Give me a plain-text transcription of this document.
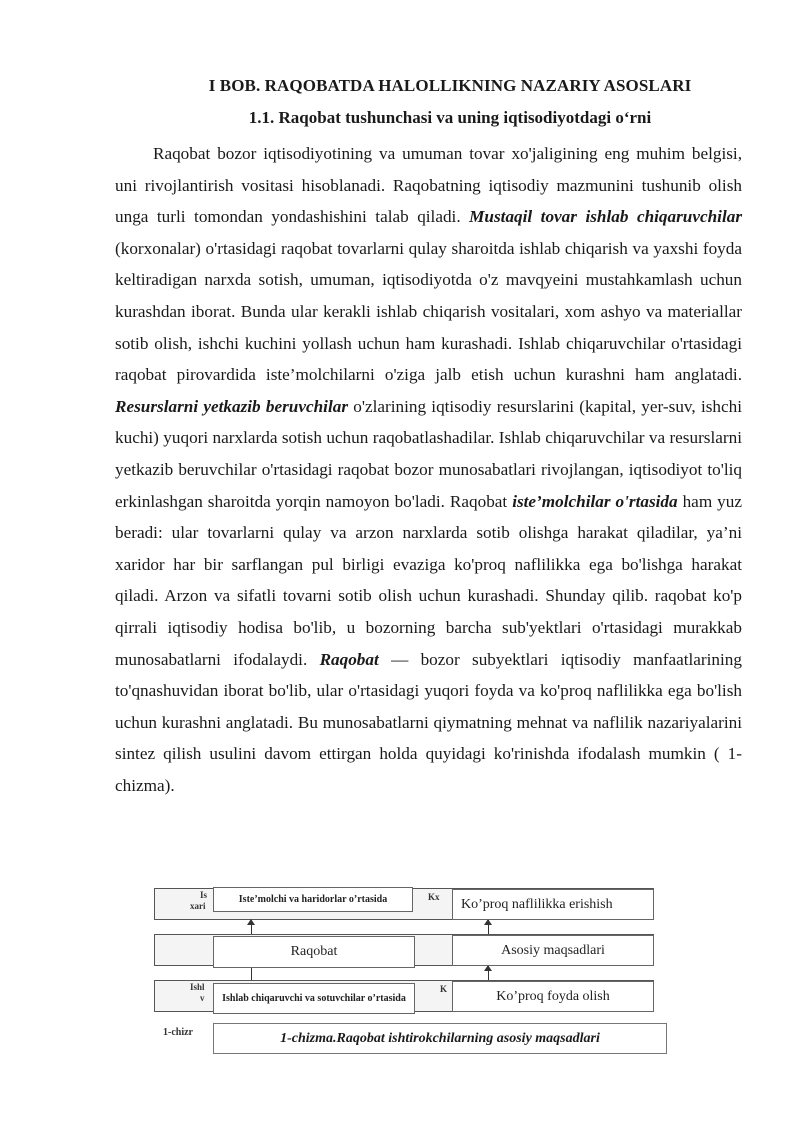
I BOB. RAQOBATDA HALOLLIKNING NAZARIY ASOSLARI
1.1. Raqobat tushunchasi va uning iqtisodiyotdagi o‘rni

Raqobat bozor iqtisodiyotining va umuman tovar xo'jaligining eng muhim belgisi, uni rivojlantirish vositasi hisoblanadi. Raqobatning iqtisodiy mazmunini tushunib olish unga turli tomondan yondashishini talab qiladi. Mustaqil tovar ishlab chiqaruvchilar (korxonalar) o'rtasidagi raqobat tovarlarni qulay sharoitda ishlab chiqarish va yaxshi foyda keltiradigan narxda sotish, umuman, iqtisodiyotda o'z mavqyeini mustahkamlash uchun kurashdan iborat. Bunda ular kerakli ishlab chiqarish vositalari, xom ashyo va materiallar sotib olish, ishchi kuchini yollash uchun ham kurashadi. Ishlab chiqaruvchilar o'rtasidagi raqobat pirovardida iste’molchilarni o'ziga jalb etish uchun kurashni ham anglatadi. Resurslarni yetkazib beruvchilar o'zlarining iqtisodiy resurslarini (kapital, yer-suv, ishchi kuchi) yuqori narxlarda sotish uchun raqobatlashadilar. Ishlab chiqaruvchilar va resurslarni yetkazib beruvchilar o'rtasidagi raqobat bozor munosabatlari rivojlangan, iqtisodiyot to'liq erkinlashgan sharoitda yorqin namoyon bo'ladi. Raqobat iste’molchilar o'rtasida ham yuz beradi: ular tovarlarni qulay va arzon narxlarda sotib olishga harakat qiladilar, ya’ni xaridor har bir sarflangan pul birligi evaziga ko'proq naflilikka ega bo'lishga harakat qiladi. Arzon va sifatli tovarni sotib olish uchun kurashadi. Shunday qilib. raqobat ko'p qirrali iqtisodiy hodisa bo'lib, u bozorning barcha sub'yektlari o'rtasidagi murakkab munosabatlarni ifodalaydi. Raqobat — bozor subyektlari iqtisodiy manfaatlarining to'qnashuvidan iborat bo'lib, ular o'rtasidagi yuqori foyda va ko'proq naflilikka ega bo'lish uchun kurashni anglatadi. Bu munosabatlarni qiymatning mehnat va naflilik nazariyalarini sintez qilish usulini davom ettirgan holda quyidagi ko'rinishda ifodalash mumkin ( 1-chizma).

Is
xari
Ishl
v
Kx
K
1-chizr
Iste’molchi va haridorlar o’rtasida
Raqobat
Ishlab chiqaruvchi va sotuvchilar o’rtasida
Ko’proq naflilikka erishish
Asosiy maqsadlari
Ko’proq foyda olish
1-chizma.Raqobat ishtirokchilarning asosiy maqsadlari
